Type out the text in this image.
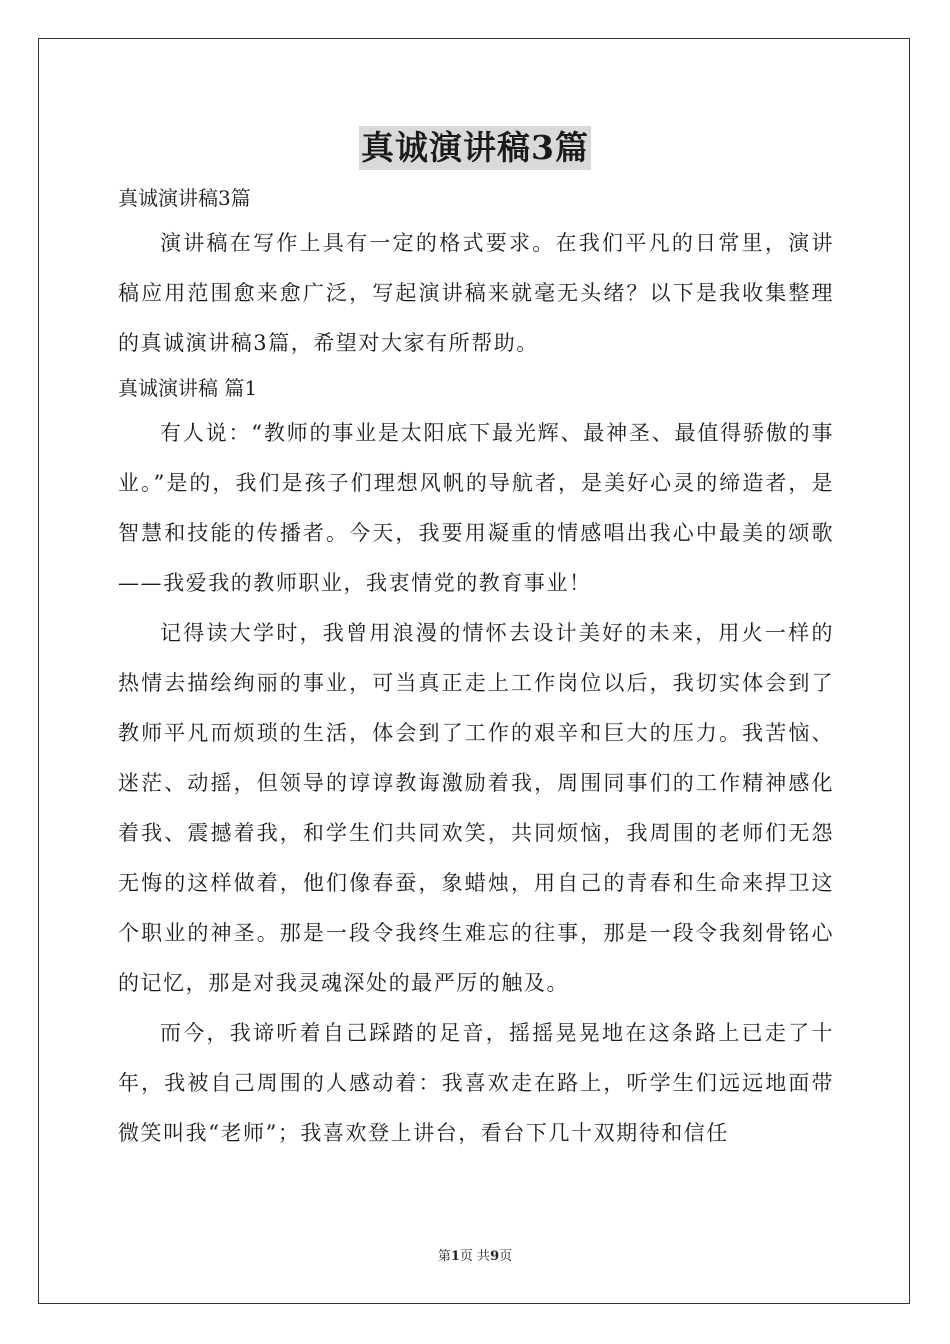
真诚演讲稿3篇

真诚演讲稿3篇

演讲稿在写作上具有一定的格式要求。在我们平凡的日常里，演讲稿应用范围愈来愈广泛，写起演讲稿来就毫无头绪？以下是我收集整理的真诚演讲稿3篇，希望对大家有所帮助。

真诚演讲稿 篇1

有人说：“教师的事业是太阳底下最光辉、最神圣、最值得骄傲的事业。”是的，我们是孩子们理想风帆的导航者，是美好心灵的缔造者，是智慧和技能的传播者。今天，我要用凝重的情感唱出我心中最美的颂歌——我爱我的教师职业，我衷情党的教育事业！

记得读大学时，我曾用浪漫的情怀去设计美好的未来，用火一样的热情去描绘绚丽的事业，可当真正走上工作岗位以后，我切实体会到了教师平凡而烦琐的生活，体会到了工作的艰辛和巨大的压力。我苦恼、迷茫、动摇，但领导的谆谆教诲激励着我，周围同事们的工作精神感化着我、震撼着我，和学生们共同欢笑，共同烦恼，我周围的老师们无怨无悔的这样做着，他们像春蚕，象蜡烛，用自己的青春和生命来捍卫这个职业的神圣。那是一段令我终生难忘的往事，那是一段令我刻骨铭心的记忆，那是对我灵魂深处的最严厉的触及。

而今，我谛听着自己踩踏的足音，摇摇晃晃地在这条路上已走了十年，我被自己周围的人感动着：我喜欢走在路上，听学生们远远地面带微笑叫我“老师”；我喜欢登上讲台，看台下几十双期待和信任

第1页 共9页
